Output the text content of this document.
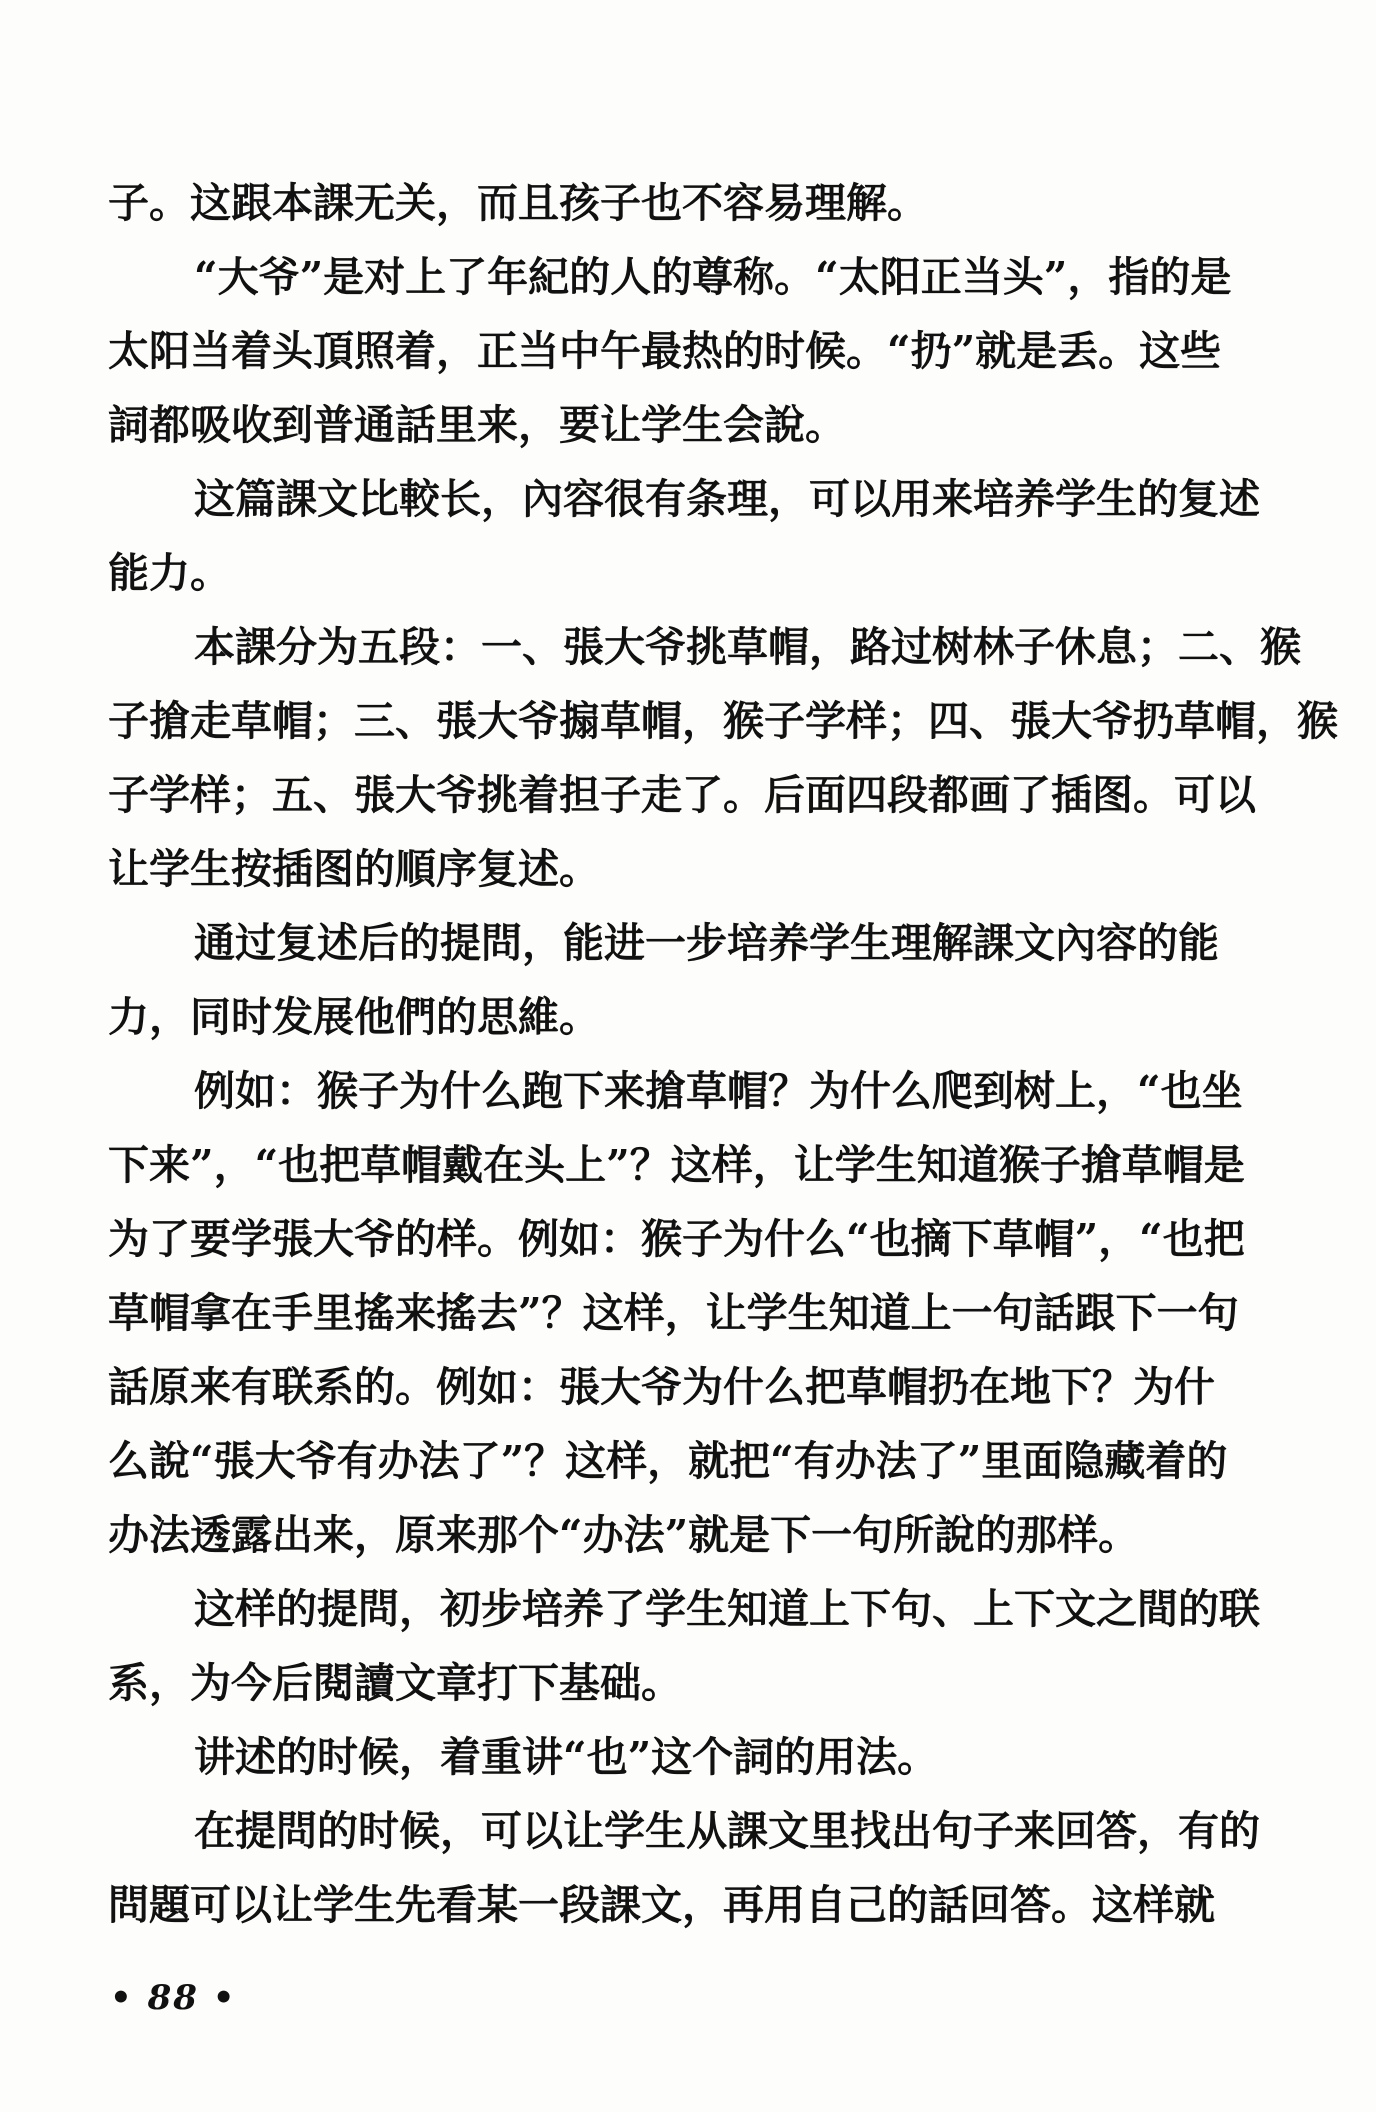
子。这跟本課无关，而且孩子也不容易理解。
“大爷”是对上了年紀的人的尊称。“太阳正当头”，指的是
太阳当着头頂照着，正当中午最热的时候。“扔”就是丢。这些
詞都吸收到普通話里来，要让学生会說。
这篇課文比較长，內容很有条理，可以用来培养学生的复述
能力。
本課分为五段：一、張大爷挑草帽，路过树林子休息；二、猴
子搶走草帽；三、張大爷搧草帽，猴子学样；四、張大爷扔草帽，猴
子学样；五、張大爷挑着担子走了。后面四段都画了插图。可以
让学生按插图的順序复述。
通过复述后的提問，能进一步培养学生理解課文內容的能
力，同时发展他們的思維。
例如：猴子为什么跑下来搶草帽？为什么爬到树上，“也坐
下来”，“也把草帽戴在头上”？这样，让学生知道猴子搶草帽是
为了要学張大爷的样。例如：猴子为什么“也摘下草帽”，“也把
草帽拿在手里搖来搖去”？这样，让学生知道上一句話跟下一句
話原来有联系的。例如：張大爷为什么把草帽扔在地下？为什
么說“張大爷有办法了”？这样，就把“有办法了”里面隐藏着的
办法透露出来，原来那个“办法”就是下一句所說的那样。
这样的提問，初步培养了学生知道上下句、上下文之間的联
系，为今后閱讀文章打下基础。
讲述的时候，着重讲“也”这个詞的用法。
在提問的时候，可以让学生从課文里找出句子来回答，有的
問題可以让学生先看某一段課文，再用自己的話回答。这样就
• 88 •
